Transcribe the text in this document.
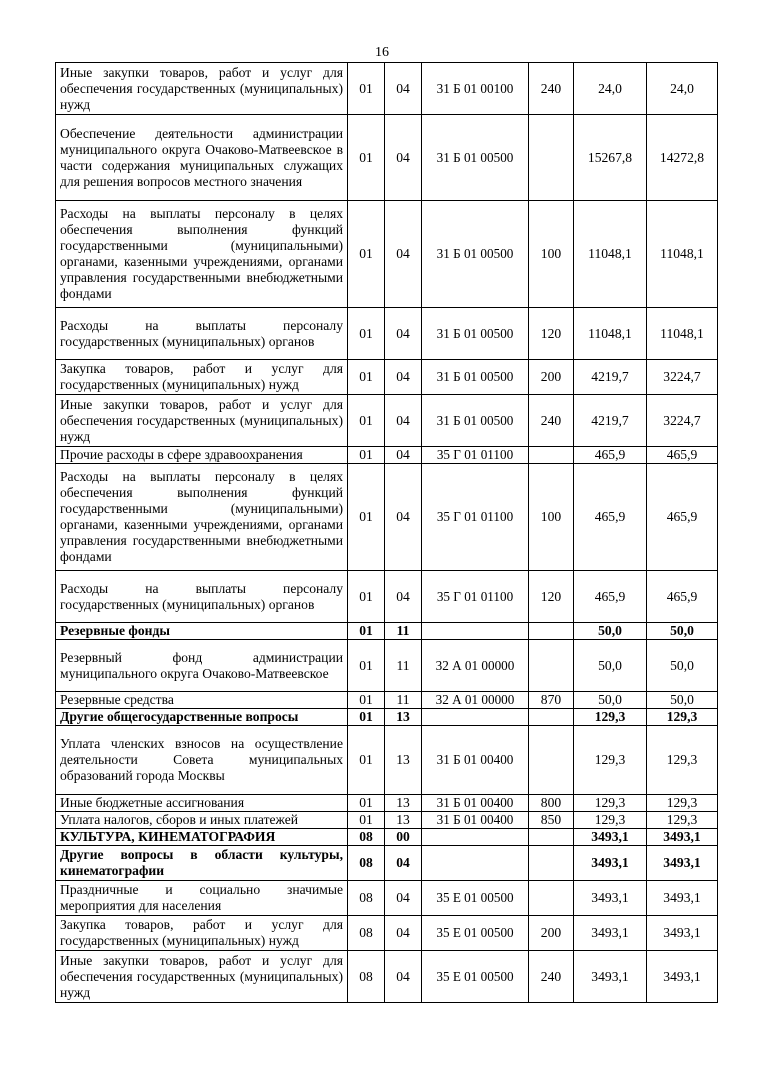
16
Иные закупки товаров, работ и услуг для обеспечения государственных (муниципальных) нужд	01	04	31 Б 01 00100	240	24,0	24,0
Обеспечение деятельности администрации муниципального округа Очаково-Матвеевское в части содержания муниципальных служащих для решения вопросов местного значения	01	04	31 Б 01 00500		15267,8	14272,8
Расходы на выплаты персоналу в целях обеспечения выполнения функций государственными (муниципальными) органами, казенными учреждениями, органами управления государственными внебюджетными фондами	01	04	31 Б 01 00500	100	11048,1	11048,1
Расходы на выплаты персоналу государственных (муниципальных) органов	01	04	31 Б 01 00500	120	11048,1	11048,1
Закупка товаров, работ и услуг для государственных (муниципальных) нужд	01	04	31 Б 01 00500	200	4219,7	3224,7
Иные закупки товаров, работ и услуг для обеспечения государственных (муниципальных) нужд	01	04	31 Б 01 00500	240	4219,7	3224,7
Прочие расходы в сфере здравоохранения	01	04	35 Г 01 01100		465,9	465,9
Расходы на выплаты персоналу в целях обеспечения выполнения функций государственными (муниципальными) органами, казенными учреждениями, органами управления государственными внебюджетными фондами	01	04	35 Г 01 01100	100	465,9	465,9
Расходы на выплаты персоналу государственных (муниципальных) органов	01	04	35 Г 01 01100	120	465,9	465,9
Резервные фонды	01	11			50,0	50,0
Резервный фонд администрации муниципального округа Очаково-Матвеевское	01	11	32 А 01 00000		50,0	50,0
Резервные средства	01	11	32 А 01 00000	870	50,0	50,0
Другие общегосударственные вопросы	01	13			129,3	129,3
Уплата членских взносов на осуществление деятельности Совета муниципальных образований города Москвы	01	13	31 Б 01 00400		129,3	129,3
Иные бюджетные ассигнования	01	13	31 Б 01 00400	800	129,3	129,3
Уплата налогов, сборов и иных платежей	01	13	31 Б 01 00400	850	129,3	129,3
КУЛЬТУРА, КИНЕМАТОГРАФИЯ	08	00			3493,1	3493,1
Другие вопросы в области культуры, кинематографии	08	04			3493,1	3493,1
Праздничные и социально значимые мероприятия для населения	08	04	35 Е 01 00500		3493,1	3493,1
Закупка товаров, работ и услуг для государственных (муниципальных) нужд	08	04	35 Е 01 00500	200	3493,1	3493,1
Иные закупки товаров, работ и услуг для обеспечения государственных (муниципальных) нужд	08	04	35 Е 01 00500	240	3493,1	3493,1
